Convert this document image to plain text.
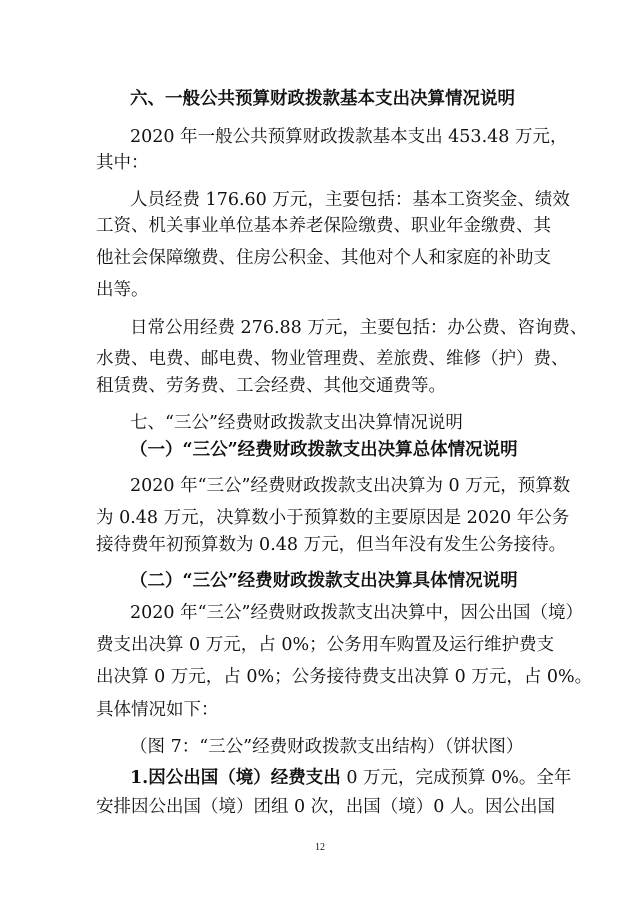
六、一般公共预算财政拨款基本支出决算情况说明
2020 年一般公共预算财政拨款基本支出 453.48 万元，
其中：
人员经费 176.60 万元，主要包括：基本工资奖金、绩效
工资、机关事业单位基本养老保险缴费、职业年金缴费、其
他社会保障缴费、住房公积金、其他对个人和家庭的补助支
出等。
日常公用经费 276.88 万元，主要包括：办公费、咨询费、
水费、电费、邮电费、物业管理费、差旅费、维修（护）费、
租赁费、劳务费、工会经费、其他交通费等。
七、“三公”经费财政拨款支出决算情况说明
（一）“三公”经费财政拨款支出决算总体情况说明
2020 年“三公”经费财政拨款支出决算为 0 万元，预算数
为 0.48 万元，决算数小于预算数的主要原因是 2020 年公务
接待费年初预算数为 0.48 万元，但当年没有发生公务接待。
（二）“三公”经费财政拨款支出决算具体情况说明
2020 年“三公”经费财政拨款支出决算中，因公出国（境）
费支出决算 0 万元，占 0%；公务用车购置及运行维护费支
出决算 0 万元，占 0%；公务接待费支出决算 0 万元，占 0%。
具体情况如下：
（图 7：“三公”经费财政拨款支出结构）（饼状图）
1.因公出国（境）经费支出 0 万元，完成预算 0%。全年
安排因公出国（境）团组 0 次，出国（境）0 人。因公出国
12
